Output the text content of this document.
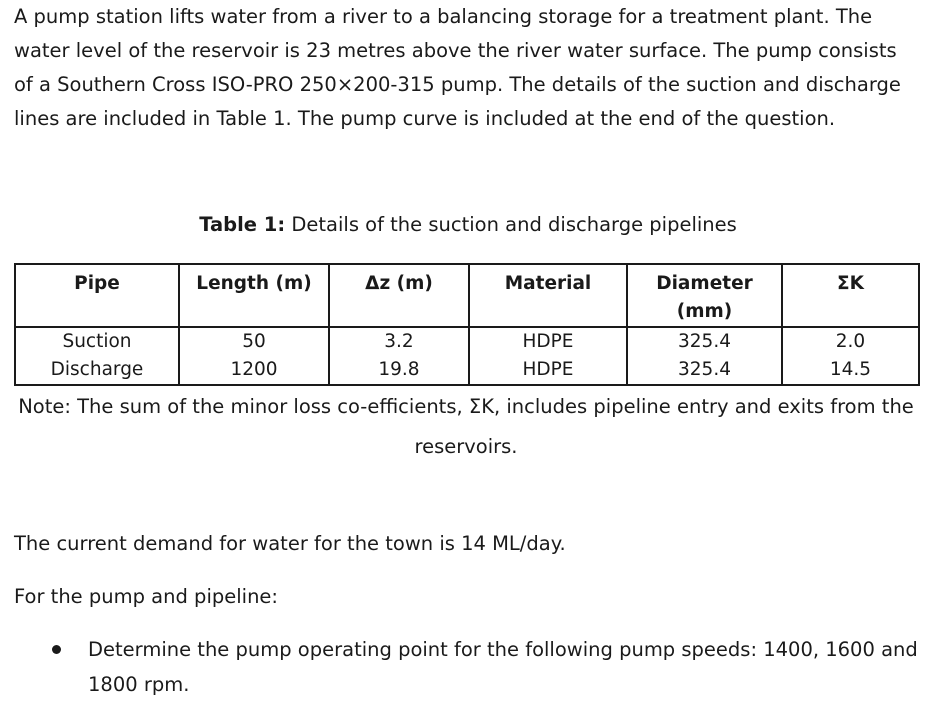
A pump station lifts water from a river to a balancing storage for a treatment plant. The water level of the reservoir is 23 metres above the river water surface. The pump consists of a Southern Cross ISO-PRO 250×200-315 pump. The details of the suction and discharge lines are included in Table 1. The pump curve is included at the end of the question.

Table 1: Details of the suction and discharge pipelines
Pipe	Length (m)	Δz (m)	Material	Diameter (mm)	ΣK
Suction	50	3.2	HDPE	325.4	2.0
Discharge	1200	19.8	HDPE	325.4	14.5
Note: The sum of the minor loss co-efficients, ΣK, includes pipeline entry and exits from the reservoirs.
The current demand for water for the town is 14 ML/day.
For the pump and pipeline:
Determine the pump operating point for the following pump speeds: 1400, 1600 and 1800 rpm.
